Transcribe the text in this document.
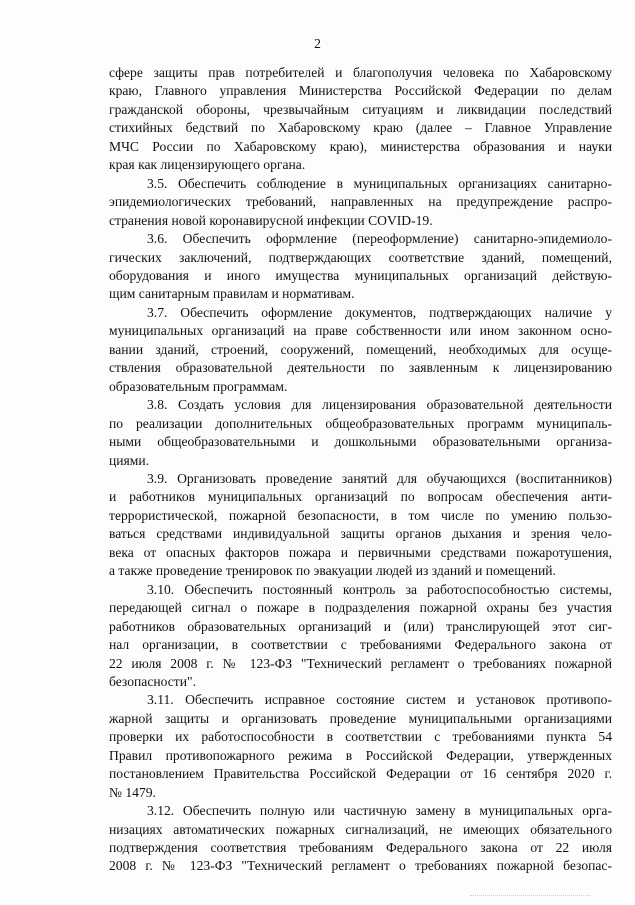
2

сфере защиты прав потребителей и благополучия человека по Хабаровскому
краю, Главного управления Министерства Российской Федерации по делам
гражданской обороны, чрезвычайным ситуациям и ликвидации последствий
стихийных бедствий по Хабаровскому краю (далее – Главное Управление
МЧС России по Хабаровскому краю), министерства образования и науки
края как лицензирующего органа.

3.5. Обеспечить соблюдение в муниципальных организациях санитарно-
эпидемиологических требований, направленных на предупреждение распро-
странения новой коронавирусной инфекции COVID-19.

3.6. Обеспечить оформление (переоформление) санитарно-эпидемиоло-
гических заключений, подтверждающих соответствие зданий, помещений,
оборудования и иного имущества муниципальных организаций действую-
щим санитарным правилам и нормативам.

3.7. Обеспечить оформление документов, подтверждающих наличие у
муниципальных организаций на праве собственности или ином законном осно-
вании зданий, строений, сооружений, помещений, необходимых для осуще-
ствления образовательной деятельности по заявленным к лицензированию
образовательным программам.

3.8. Создать условия для лицензирования образовательной деятельности
по реализации дополнительных общеобразовательных программ муниципаль-
ными общеобразовательными и дошкольными образовательными организа-
циями.

3.9. Организовать проведение занятий для обучающихся (воспитанников)
и работников муниципальных организаций по вопросам обеспечения анти-
террористической, пожарной безопасности, в том числе по умению пользо-
ваться средствами индивидуальной защиты органов дыхания и зрения чело-
века от опасных факторов пожара и первичными средствами пожаротушения,
а также проведение тренировок по эвакуации людей из зданий и помещений.

3.10. Обеспечить постоянный контроль за работоспособностью системы,
передающей сигнал о пожаре в подразделения пожарной охраны без участия
работников образовательных организаций и (или) транслирующей этот сиг-
нал организации, в соответствии с требованиями Федерального закона от
22 июля 2008 г. № 123-ФЗ "Технический регламент о требованиях пожарной
безопасности".

3.11. Обеспечить исправное состояние систем и установок противопо-
жарной защиты и организовать проведение муниципальными организациями
проверки их работоспособности в соответствии с требованиями пункта 54
Правил противопожарного режима в Российской Федерации, утвержденных
постановлением Правительства Российской Федерации от 16 сентября 2020 г.
№ 1479.

3.12. Обеспечить полную или частичную замену в муниципальных орга-
низациях автоматических пожарных сигнализаций, не имеющих обязательного
подтверждения соответствия требованиям Федерального закона от 22 июля
2008 г. № 123-ФЗ "Технический регламент о требованиях пожарной безопас-
